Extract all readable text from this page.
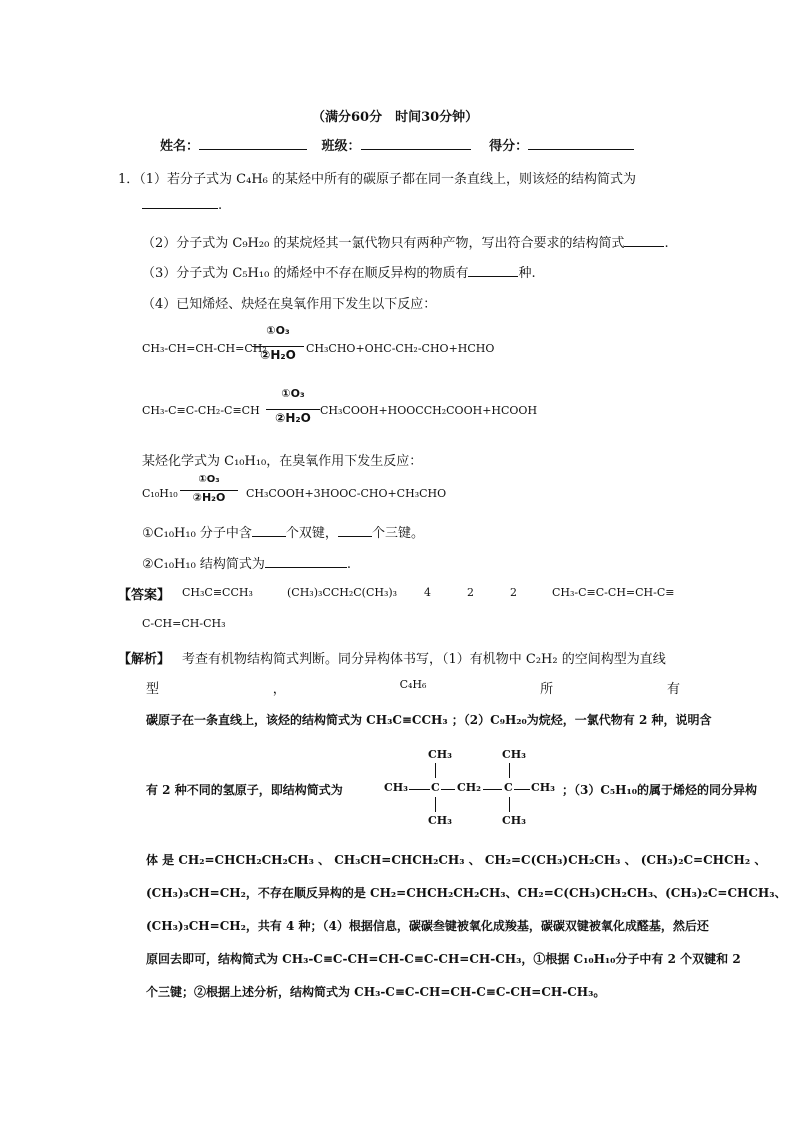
（满分60分　时间30分钟）
姓名：	班级：	得分：
1．（1）若分子式为 C₄H₆ 的某烃中所有的碳原子都在同一条直线上，则该烃的结构简式为
.
（2）分子式为 C₉H₂₀ 的某烷烃其一氯代物只有两种产物，写出符合要求的结构简式	.
（3）分子式为 C₅H₁₀ 的烯烃中不存在顺反异构的物质有	种.
（4）已知烯烃、炔烃在臭氧作用下发生以下反应：
CH₃-CH=CH-CH=CH₂
①O₃
②H₂O CH₃CHO+OHC-CH₂-CHO+HCHO
CH₃-C≡C-CH₂-C≡CH
①O₃
②H₂O
CH₃COOH+HOOCCH₂COOH+HCOOH
某烃化学式为 C₁₀H₁₀，在臭氧作用下发生反应：
C₁₀H₁₀
①O₃
②H₂O	CH₃COOH+3HOOC-CHO+CH₃CHO
①C₁₀H₁₀ 分子中含	个双键，	个三键。
②C₁₀H₁₀ 结构简式为	.
【答案】 CH₃C≡CCH₃	(CH₃)₃CCH₂C(CH₃)₃ 4	2	2	CH₃-C≡C-CH=CH-C≡
C-CH=CH-CH₃
【解析】 考查有机物结构简式判断。同分异构体书写，（1）有机物中 C₂H₂ 的空间构型为直线
型	，	C₄H₆	所	有
碳原子在一条直线上，该烃的结构简式为 CH₃C≡CCH₃ ；（2）C₉H₂₀为烷烃，一氯代物有 2 种，说明含
有 2 种不同的氢原子，即结构简式为
CH₃	CH₃
CH₃ C CH₂ C CH₃
CH₃	CH₃
；（3）C₅H₁₀的属于烯烃的同分异构
体 是 CH₂=CHCH₂CH₂CH₃ 、 CH₃CH=CHCH₂CH₃ 、 CH₂=C(CH₃)CH₂CH₃ 、 (CH₃)₂C=CHCH₂ 、
(CH₃)₃CH=CH₂，不存在顺反异构的是 CH₂=CHCH₂CH₂CH₃、CH₂=C(CH₃)CH₂CH₃、(CH₃)₂C=CHCH₃、
(CH₃)₃CH=CH₂，共有 4 种；（4）根据信息，碳碳叁键被氧化成羧基，碳碳双键被氧化成醛基，然后还
原回去即可，结构简式为 CH₃-C≡C-CH=CH-C≡C-CH=CH-CH₃，①根据 C₁₀H₁₀分子中有 2 个双键和 2
个三键；②根据上述分析，结构简式为 CH₃-C≡C-CH=CH-C≡C-CH=CH-CH₃。
